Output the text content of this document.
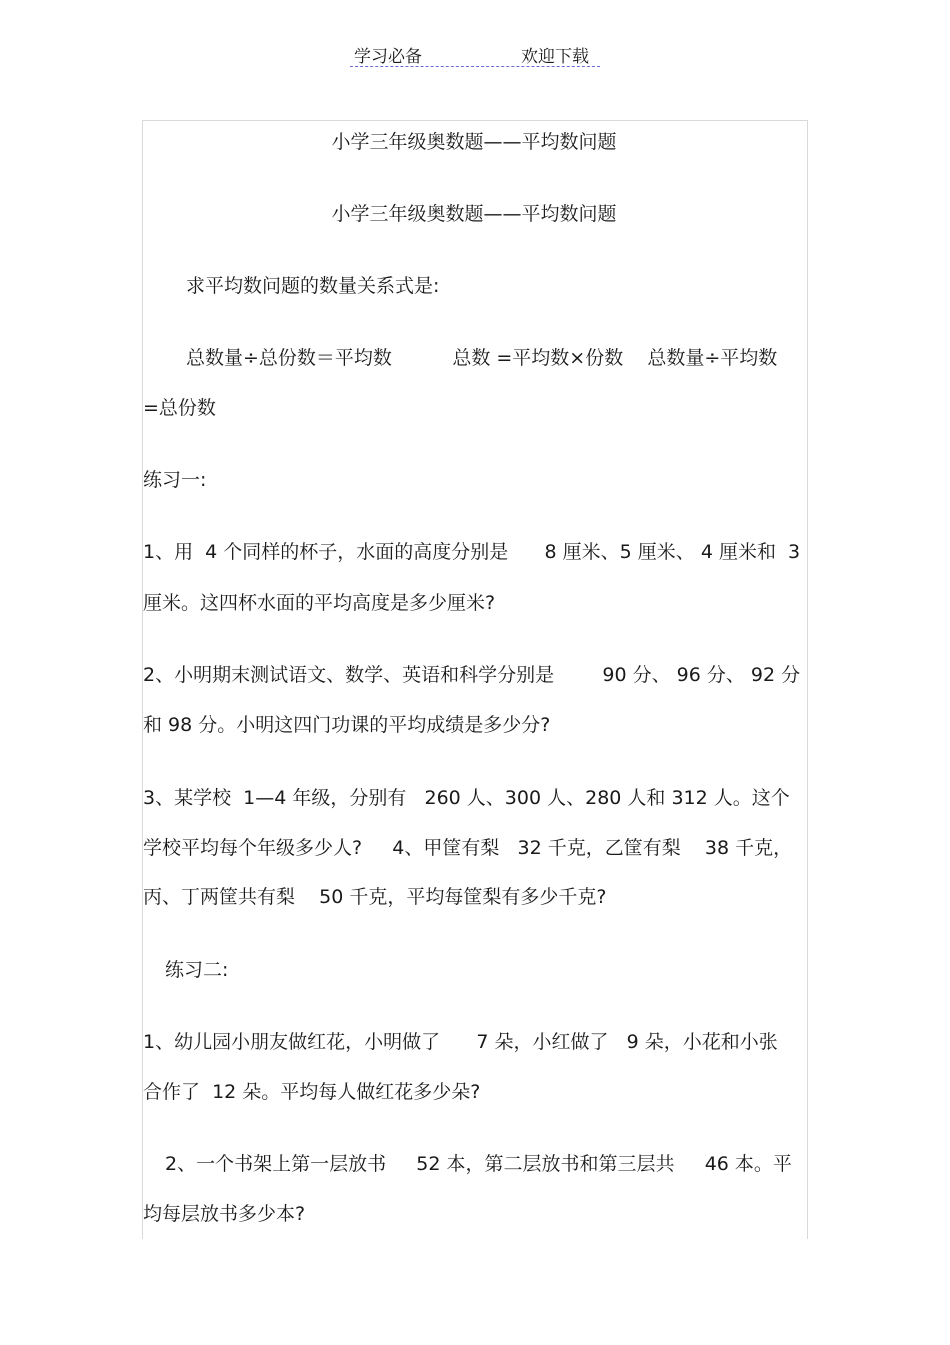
学习必备	欢迎下载
小学三年级奥数题——平均数问题
小学三年级奥数题——平均数问题
求平均数问题的数量关系式是:
总数量÷总份数＝平均数          总数 =平均数×份数    总数量÷平均数
=总份数
练习一:
1、用  4 个同样的杯子，水面的高度分别是      8 厘米、5 厘米、 4 厘米和  3
厘米。这四杯水面的平均高度是多少厘米?
2、小明期末测试语文、数学、英语和科学分别是        90 分、 96 分、 92 分
和 98 分。小明这四门功课的平均成绩是多少分?
3、某学校  1—4 年级，分别有   260 人、300 人、280 人和 312 人。这个
学校平均每个年级多少人?     4、甲筐有梨   32 千克，乙筐有梨    38 千克，
丙、丁两筐共有梨    50 千克，平均每筐梨有多少千克?
练习二:
1、幼儿园小朋友做红花，小明做了      7 朵，小红做了   9 朵，小花和小张
合作了  12 朵。平均每人做红花多少朵?
2、一个书架上第一层放书     52 本，第二层放书和第三层共     46 本。平
均每层放书多少本?
